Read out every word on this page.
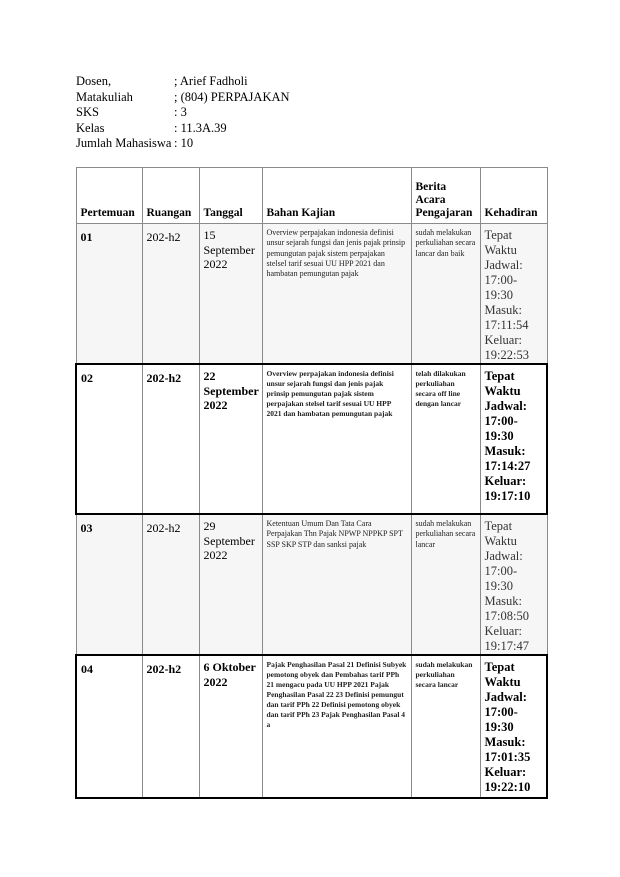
Dosen,	; Arief Fadholi
Matakuliah	; (804) PERPAJAKAN
SKS	: 3
Kelas	: 11.3A.39
Jumlah Mahasiswa : 10
Pertemuan	Ruangan	Tanggal	Bahan Kajian	Berita Acara Pengajaran	Kehadiran
01	202-h2	15 September 2022	Overview perpajakan indonesia definisi unsur sejarah fungsi dan jenis pajak prinsip pemungutan pajak sistem perpajakan stelsel tarif sesuai UU HPP 2021 dan hambatan pemungutan pajak	sudah melakukan perkuliahan secara lancar dan baik	Tepat Waktu Jadwal: 17:00-19:30 Masuk: 17:11:54 Keluar: 19:22:53
02	202-h2	22 September 2022	Overview perpajakan indonesia definisi unsur sejarah fungsi dan jenis pajak prinsip pemungutan pajak sistem perpajakan stelsel tarif sesuai UU HPP 2021 dan hambatan pemungutan pajak	telah dilakukan perkuliahan secara off line dengan lancar	Tepat Waktu Jadwal: 17:00-19:30 Masuk: 17:14:27 Keluar: 19:17:10
03	202-h2	29 September 2022	Ketentuan Umum Dan Tata Cara Perpajakan Thn Pajak NPWP NPPKP SPT SSP SKP STP dan sanksi pajak	sudah melakukan perkuliahan secara lancar	Tepat Waktu Jadwal: 17:00-19:30 Masuk: 17:08:50 Keluar: 19:17:47
04	202-h2	6 Oktober 2022	Pajak Penghasilan Pasal 21 Definisi Subyek pemotong obyek dan Pembahas tarif PPh 21 mengacu pada UU HPP 2021 Pajak Penghasilan Pasal 22 23 Definisi pemungut dan tarif PPh 22 Definisi pemotong obyek dan tarif PPh 23 Pajak Penghasilan Pasal 4 a	sudah melakukan perkuliahan secara lancar	Tepat Waktu Jadwal: 17:00-19:30 Masuk: 17:01:35 Keluar: 19:22:10
